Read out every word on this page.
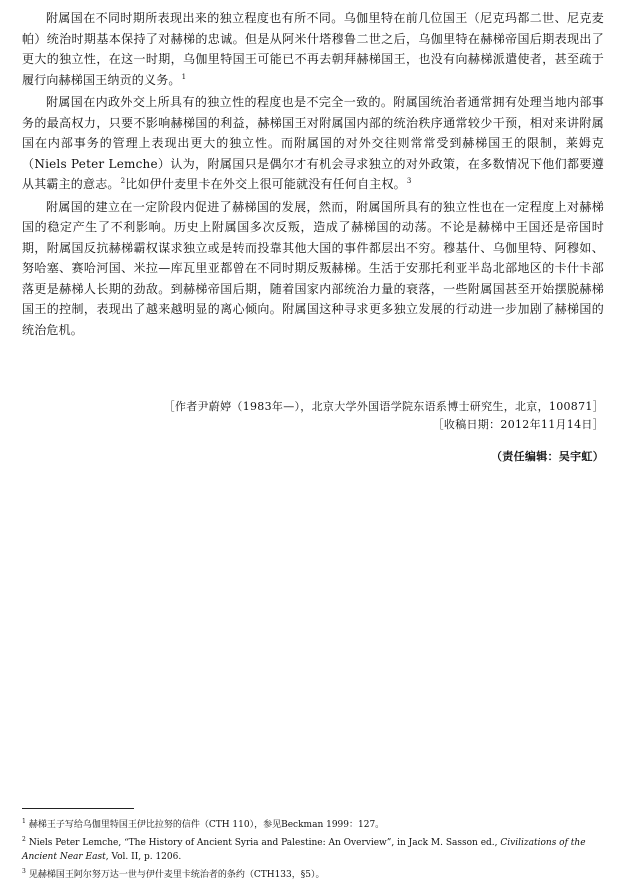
附属国在不同时期所表现出来的独立程度也有所不同。乌伽里特在前几位国王（尼克玛都二世、尼克麦帕）统治时期基本保持了对赫梯的忠诚。但是从阿米什塔穆鲁二世之后，乌伽里特在赫梯帝国后期表现出了更大的独立性，在这一时期，乌伽里特国王可能已不再去朝拜赫梯国王，也没有向赫梯派遣使者，甚至疏于履行向赫梯国王纳贡的义务。$^1$

附属国在内政外交上所具有的独立性的程度也是不完全一致的。附属国统治者通常拥有处理当地内部事务的最高权力，只要不影响赫梯国的利益，赫梯国王对附属国内部的统治秩序通常较少干预，相对来讲附属国在内部事务的管理上表现出更大的独立性。而附属国的对外交往则常常受到赫梯国王的限制，莱姆克（Niels Peter Lemche）认为，附属国只是偶尔才有机会寻求独立的对外政策，在多数情况下他们都要遵从其霸主的意志。$^2$比如伊什麦里卡在外交上很可能就没有任何自主权。$^3$

附属国的建立在一定阶段内促进了赫梯国的发展，然而，附属国所具有的独立性也在一定程度上对赫梯国的稳定产生了不利影响。历史上附属国多次反叛，造成了赫梯国的动荡。不论是赫梯中王国还是帝国时期，附属国反抗赫梯霸权谋求独立或是转而投靠其他大国的事件都层出不穷。穆基什、乌伽里特、阿穆如、努哈塞、赛哈河国、米拉—库瓦里亚都曾在不同时期反叛赫梯。生活于安那托利亚半岛北部地区的卡什卡部落更是赫梯人长期的劲敌。到赫梯帝国后期，随着国家内部统治力量的衰落，一些附属国甚至开始摆脱赫梯国王的控制，表现出了越来越明显的离心倾向。附属国这种寻求更多独立发展的行动进一步加剧了赫梯国的统治危机。

［作者尹蔚婷（1983年—），北京大学外国语学院东语系博士研究生，北京，100871］
［收稿日期：2012年11月14日］
（责任编辑：吴宇虹）

$^1$ 赫梯王子写给乌伽里特国王伊比拉努的信件（CTH 110），参见Beckman 1999：127。

$^2$ Niels Peter Lemche, “The History of Ancient Syria and Palestine: An Overview”, in Jack M. Sasson ed., Civilizations of the Ancient Near East, Vol. II, p. 1206.

$^3$ 见赫梯国王阿尔努万达一世与伊什麦里卡统治者的条约（CTH133，§5）。
